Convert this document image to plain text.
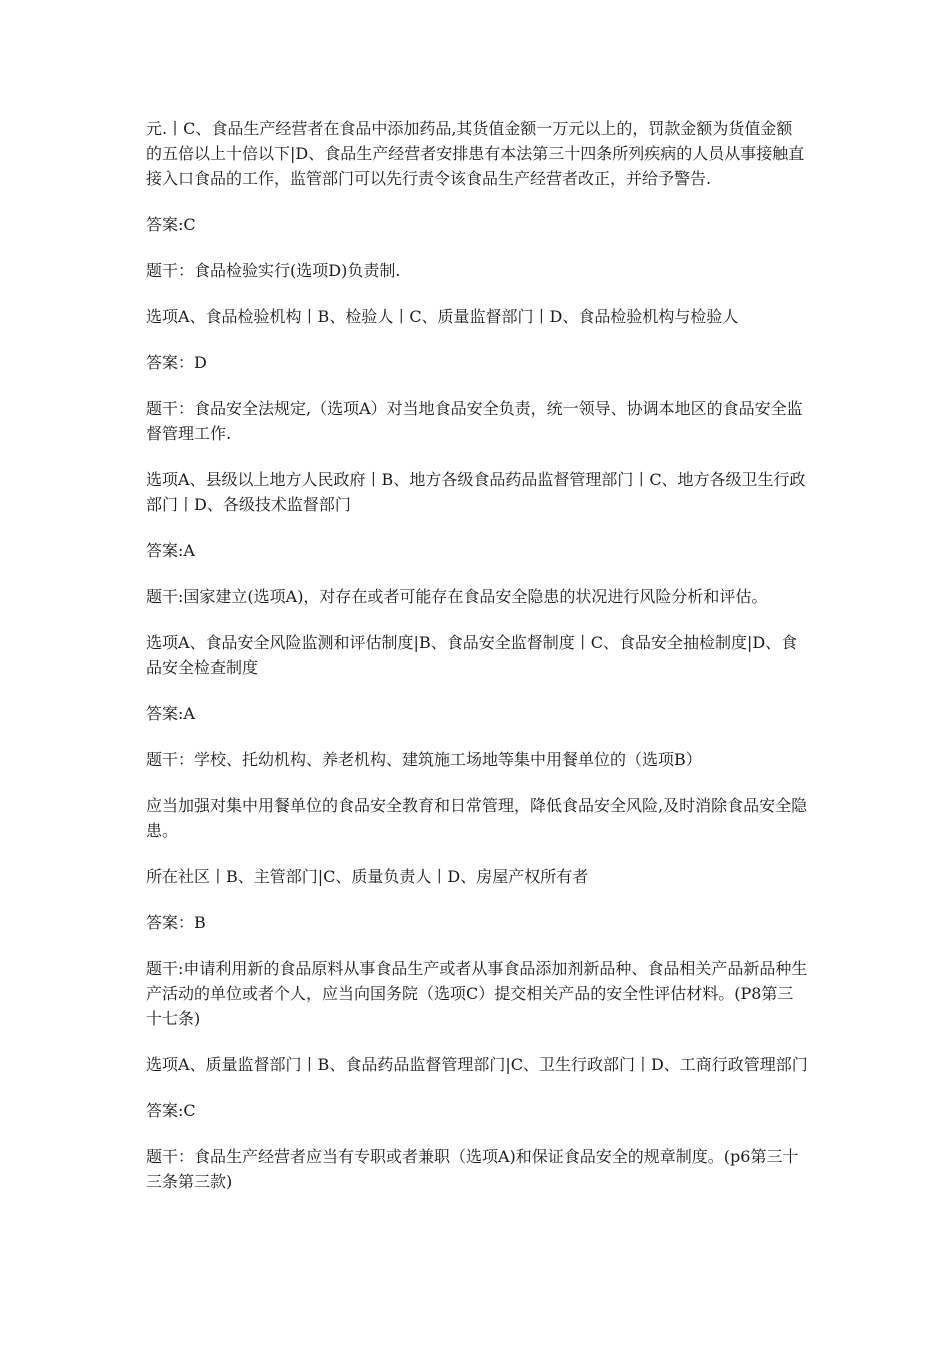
元.丨C、食品生产经营者在食品中添加药品,其货值金额一万元以上的，罚款金额为货值金额的五倍以上十倍以下|D、食品生产经营者安排患有本法第三十四条所列疾病的人员从事接触直接入口食品的工作，监管部门可以先行责令该食品生产经营者改正，并给予警告.

答案:C

题干：食品检验实行(选项D)负责制.

选项A、食品检验机构丨B、检验人丨C、质量监督部门丨D、食品检验机构与检验人

答案：D

题干：食品安全法规定,（选项A）对当地食品安全负责，统一领导、协调本地区的食品安全监督管理工作.

选项A、县级以上地方人民政府丨B、地方各级食品药品监督管理部门丨C、地方各级卫生行政部门丨D、各级技术监督部门

答案:A

题干:国家建立(选项A)，对存在或者可能存在食品安全隐患的状况进行风险分析和评估。

选项A、食品安全风险监测和评估制度|B、食品安全监督制度丨C、食品安全抽检制度|D、食品安全检查制度

答案:A

题干：学校、托幼机构、养老机构、建筑施工场地等集中用餐单位的（选项B）

应当加强对集中用餐单位的食品安全教育和日常管理，降低食品安全风险,及时消除食品安全隐患。

所在社区丨B、主管部门|C、质量负责人丨D、房屋产权所有者

答案：B

题干:申请利用新的食品原料从事食品生产或者从事食品添加剂新品种、食品相关产品新品种生产活动的单位或者个人，应当向国务院（选项C）提交相关产品的安全性评估材料。(P8第三十七条)

选项A、质量监督部门丨B、食品药品监督管理部门|C、卫生行政部门丨D、工商行政管理部门

答案:C

题干：食品生产经营者应当有专职或者兼职（选项A)和保证食品安全的规章制度。(p6第三十三条第三款)
